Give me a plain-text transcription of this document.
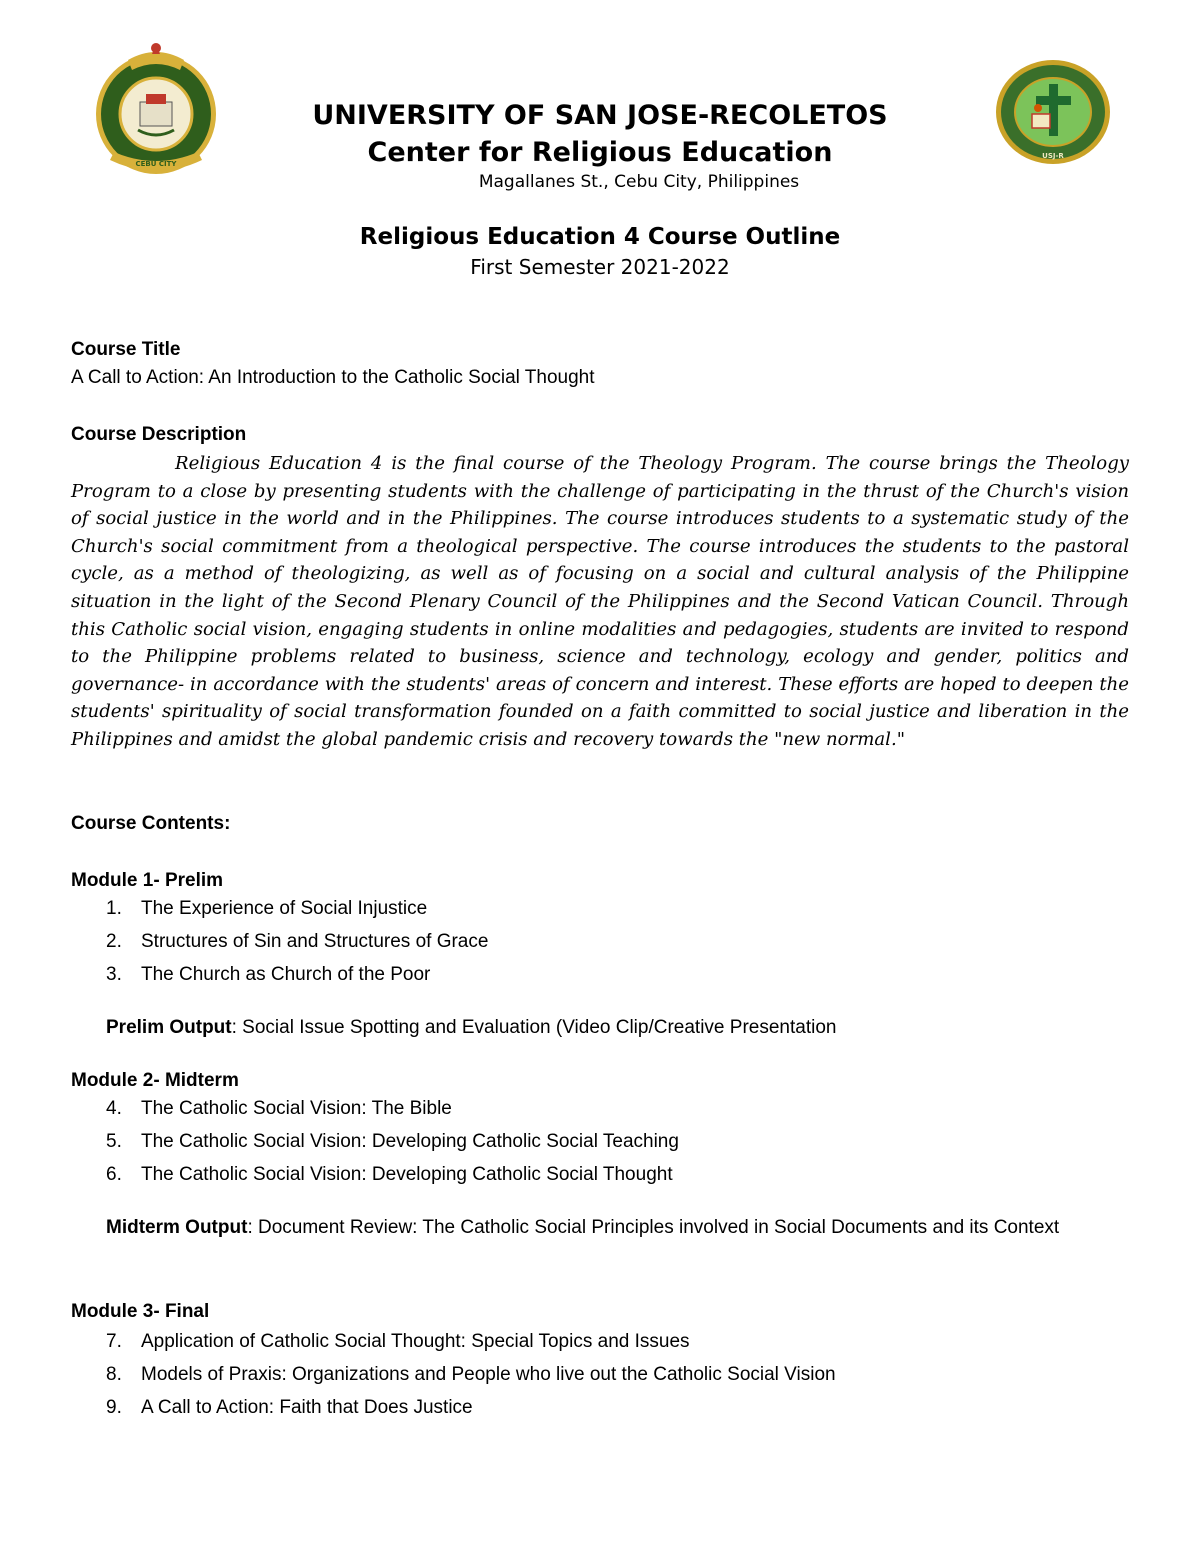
CEBU CITY
USJ-R
UNIVERSITY OF SAN JOSE-RECOLETOS
Center for Religious Education
Magallanes St., Cebu City, Philippines
Religious Education 4 Course Outline
First Semester 2021-2022
Course Title
A Call to Action: An Introduction to the Catholic Social Thought
Course Description
Religious Education 4 is the final course of the Theology Program. The course brings the Theology Program to a close by presenting students with the challenge of participating in the thrust of the Church's vision of social justice in the world and in the Philippines. The course introduces students to a systematic study of the Church's social commitment from a theological perspective. The course introduces the students to the pastoral cycle, as a method of theologizing, as well as of focusing on a social and cultural analysis of the Philippine situation in the light of the Second Plenary Council of the Philippines and the Second Vatican Council. Through this Catholic social vision, engaging students in online modalities and pedagogies, students are invited to respond to the Philippine problems related to business, science and technology, ecology and gender, politics and governance- in accordance with the students' areas of concern and interest. These efforts are hoped to deepen the students' spirituality of social transformation founded on a faith committed to social justice and liberation in the Philippines and amidst the global pandemic crisis and recovery towards the "new normal."
Course Contents:
Module 1- Prelim
1. The Experience of Social Injustice
2. Structures of Sin and Structures of Grace
3. The Church as Church of the Poor
Prelim Output: Social Issue Spotting and Evaluation (Video Clip/Creative Presentation
Module 2- Midterm
4. The Catholic Social Vision: The Bible
5. The Catholic Social Vision: Developing Catholic Social Teaching
6. The Catholic Social Vision: Developing Catholic Social Thought
Midterm Output: Document Review: The Catholic Social Principles involved in Social Documents and its Context
Module 3- Final
7. Application of Catholic Social Thought: Special Topics and Issues
8. Models of Praxis: Organizations and People who live out the Catholic Social Vision
9. A Call to Action: Faith that Does Justice
